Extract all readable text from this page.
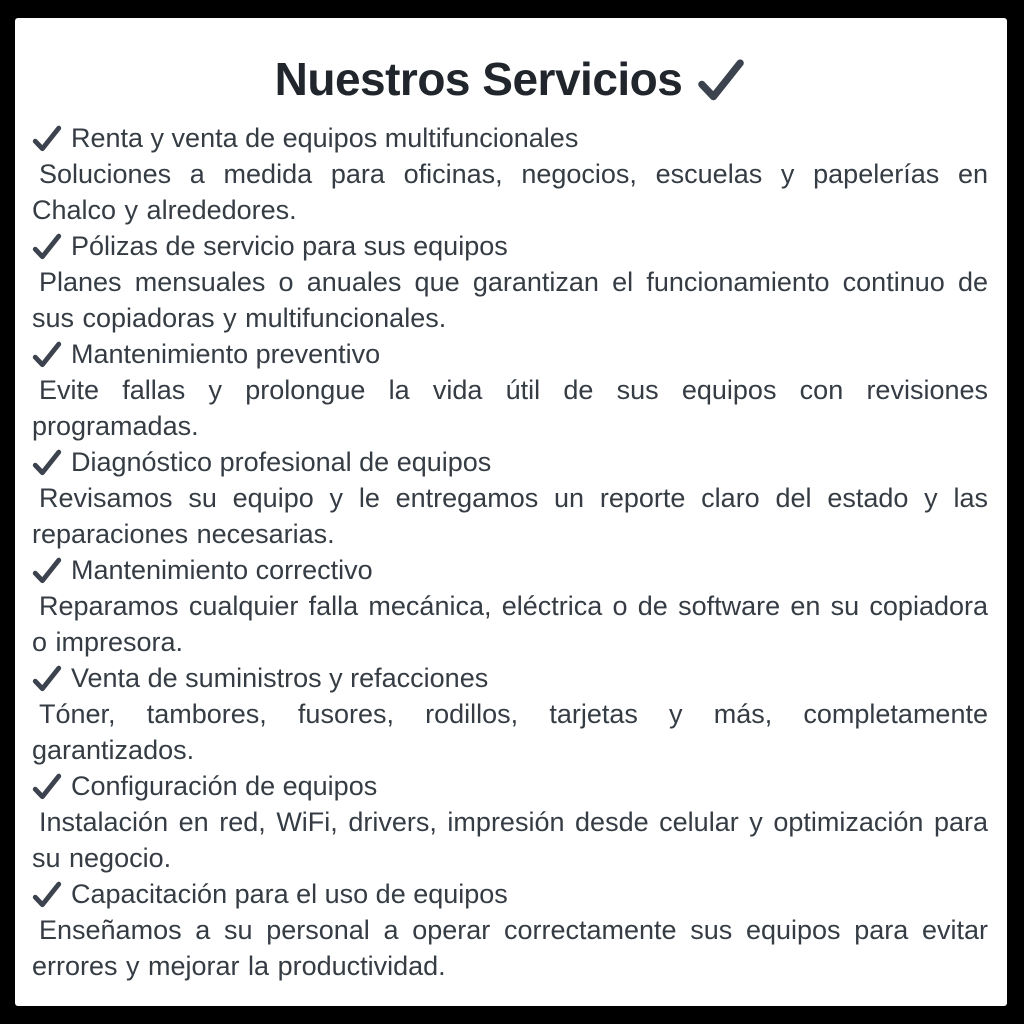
Nuestros Servicios
Renta y venta de equipos multifuncionales

Soluciones a medida para oficinas, negocios, escuelas y papelerías en Chalco y alrededores.

Pólizas de servicio para sus equipos

Planes mensuales o anuales que garantizan el funcionamiento continuo de sus copiadoras y multifuncionales.

Mantenimiento preventivo

Evite fallas y prolongue la vida útil de sus equipos con revisiones programadas.

Diagnóstico profesional de equipos

Revisamos su equipo y le entregamos un reporte claro del estado y las reparaciones necesarias.

Mantenimiento correctivo

Reparamos cualquier falla mecánica, eléctrica o de software en su copiadora o impresora.

Venta de suministros y refacciones

Tóner, tambores, fusores, rodillos, tarjetas y más, completamente garantizados.

Configuración de equipos

Instalación en red, WiFi, drivers, impresión desde celular y optimización para su negocio.

Capacitación para el uso de equipos

Enseñamos a su personal a operar correctamente sus equipos para evitar errores y mejorar la productividad.
